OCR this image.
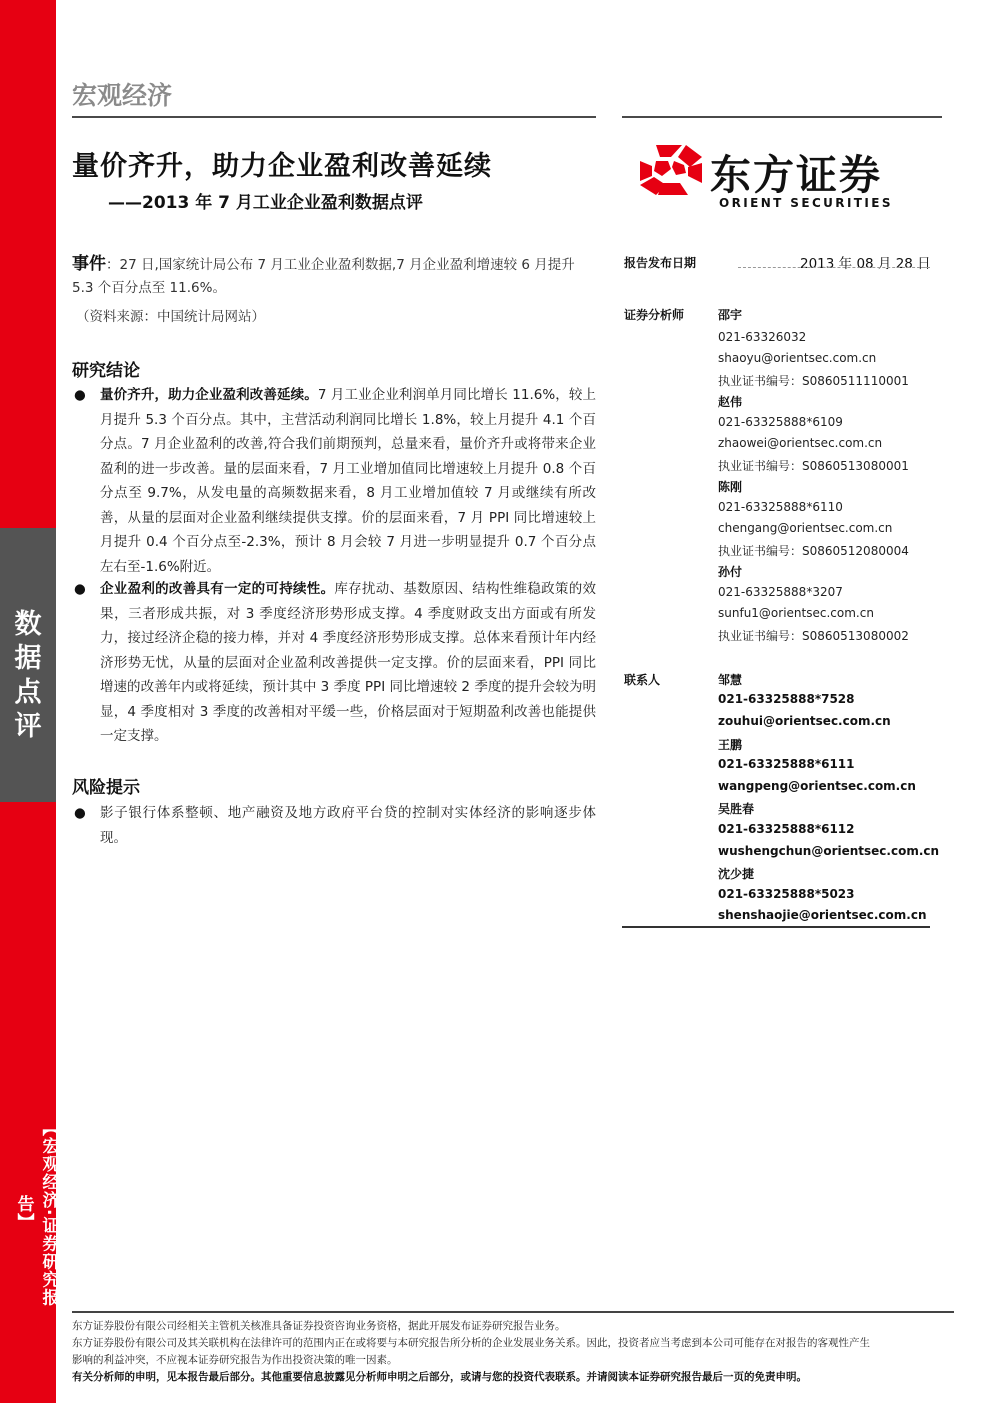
数据点评
【宏观经济·证券研究报告】
宏观经济
量价齐升，助力企业盈利改善延续
——2013 年 7 月工业企业盈利数据点评
东方证券
ORIENT SECURITIES
事件：27 日,国家统计局公布 7 月工业企业盈利数据,7 月企业盈利增速较 6 月提升 5.3 个百分点至 11.6%。
（资料来源：中国统计局网站）
研究结论
● 量价齐升，助力企业盈利改善延续。7 月工业企业利润单月同比增长 11.6%，较上月提升 5.3 个百分点。其中，主营活动利润同比增长 1.8%，较上月提升 4.1 个百分点。7 月企业盈利的改善,符合我们前期预判，总量来看，量价齐升或将带来企业盈利的进一步改善。量的层面来看，7 月工业增加值同比增速较上月提升 0.8 个百分点至 9.7%，从发电量的高频数据来看，8 月工业增加值较 7 月或继续有所改善，从量的层面对企业盈利继续提供支撑。价的层面来看，7 月 PPI 同比增速较上月提升 0.4 个百分点至-2.3%，预计 8 月会较 7 月进一步明显提升 0.7 个百分点左右至-1.6%附近。
● 企业盈利的改善具有一定的可持续性。库存扰动、基数原因、结构性维稳政策的效果，三者形成共振，对 3 季度经济形势形成支撑。4 季度财政支出方面或有所发力，接过经济企稳的接力棒，并对 4 季度经济形势形成支撑。总体来看预计年内经济形势无忧，从量的层面对企业盈利改善提供一定支撑。价的层面来看，PPI 同比增速的改善年内或将延续，预计其中 3 季度 PPI 同比增速较 2 季度的提升会较为明显，4 季度相对 3 季度的改善相对平缓一些，价格层面对于短期盈利改善也能提供一定支撑。
风险提示
● 影子银行体系整顿、地产融资及地方政府平台贷的控制对实体经济的影响逐步体现。
报告发布日期	2013 年 08 月 28 日
证券分析师	邵宇
021-63326032
shaoyu@orientsec.com.cn
执业证书编号：S0860511110001
赵伟
021-63325888*6109
zhaowei@orientsec.com.cn
执业证书编号：S0860513080001
陈刚
021-63325888*6110
chengang@orientsec.com.cn
执业证书编号：S0860512080004
孙付
021-63325888*3207
sunfu1@orientsec.com.cn
执业证书编号：S0860513080002
联系人	邹慧
021-63325888*7528
zouhui@orientsec.com.cn
王鹏
021-63325888*6111
wangpeng@orientsec.com.cn
吴胜春
021-63325888*6112
wushengchun@orientsec.com.cn
沈少捷
021-63325888*5023
shenshaojie@orientsec.com.cn
东方证券股份有限公司经相关主管机关核准具备证券投资咨询业务资格，据此开展发布证券研究报告业务。
东方证券股份有限公司及其关联机构在法律许可的范围内正在或将要与本研究报告所分析的企业发展业务关系。因此，投资者应当考虑到本公司可能存在对报告的客观性产生
影响的利益冲突，不应视本证券研究报告为作出投资决策的唯一因素。
有关分析师的申明，见本报告最后部分。其他重要信息披露见分析师申明之后部分，或请与您的投资代表联系。并请阅读本证券研究报告最后一页的免责申明。
